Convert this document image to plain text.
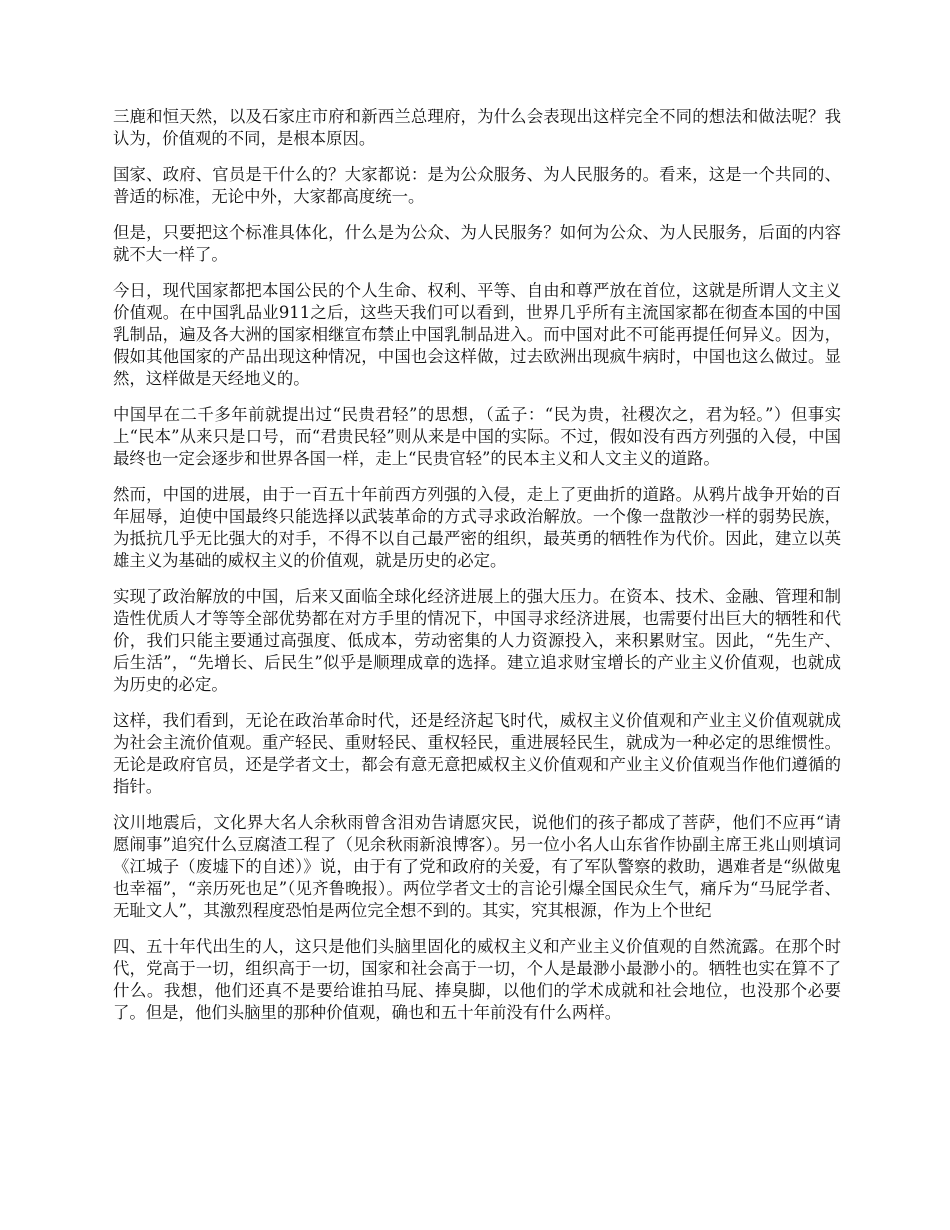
三鹿和恒天然，以及石家庄市府和新西兰总理府，为什么会表现出这样完全不同的想法和做法呢？我认为，价值观的不同，是根本原因。

国家、政府、官员是干什么的？大家都说：是为公众服务、为人民服务的。看来，这是一个共同的、普适的标准，无论中外，大家都高度统一。

但是，只要把这个标准具体化，什么是为公众、为人民服务？如何为公众、为人民服务，后面的内容就不大一样了。

今日，现代国家都把本国公民的个人生命、权利、平等、自由和尊严放在首位，这就是所谓人文主义价值观。在中国乳品业911之后，这些天我们可以看到，世界几乎所有主流国家都在彻查本国的中国乳制品，遍及各大洲的国家相继宣布禁止中国乳制品进入。而中国对此不可能再提任何异义。因为，假如其他国家的产品出现这种情况，中国也会这样做，过去欧洲出现疯牛病时，中国也这么做过。显然，这样做是天经地义的。

中国早在二千多年前就提出过“民贵君轻”的思想，（孟子：“民为贵，社稷次之，君为轻。”）但事实上“民本”从来只是口号，而“君贵民轻”则从来是中国的实际。不过，假如没有西方列强的入侵，中国最终也一定会逐步和世界各国一样，走上“民贵官轻”的民本主义和人文主义的道路。

然而，中国的进展，由于一百五十年前西方列强的入侵，走上了更曲折的道路。从鸦片战争开始的百年屈辱，迫使中国最终只能选择以武装革命的方式寻求政治解放。一个像一盘散沙一样的弱势民族，为抵抗几乎无比强大的对手，不得不以自己最严密的组织，最英勇的牺牲作为代价。因此，建立以英雄主义为基础的威权主义的价值观，就是历史的必定。

实现了政治解放的中国，后来又面临全球化经济进展上的强大压力。在资本、技术、金融、管理和制造性优质人才等等全部优势都在对方手里的情况下，中国寻求经济进展，也需要付出巨大的牺牲和代价，我们只能主要通过高强度、低成本，劳动密集的人力资源投入，来积累财宝。因此，“先生产、后生活”，“先增长、后民生”似乎是顺理成章的选择。建立追求财宝增长的产业主义价值观，也就成为历史的必定。

这样，我们看到，无论在政治革命时代，还是经济起飞时代，威权主义价值观和产业主义价值观就成为社会主流价值观。重产轻民、重财轻民、重权轻民，重进展轻民生，就成为一种必定的思维惯性。无论是政府官员，还是学者文士，都会有意无意把威权主义价值观和产业主义价值观当作他们遵循的指针。

汶川地震后，文化界大名人余秋雨曾含泪劝告请愿灾民，说他们的孩子都成了菩萨，他们不应再“请愿闹事”追究什么豆腐渣工程了（见余秋雨新浪博客）。另一位小名人山东省作协副主席王兆山则填词《江城子（废墟下的自述）》说，由于有了党和政府的关爱，有了军队警察的救助，遇难者是“纵做鬼也幸福”，“亲历死也足”（见齐鲁晚报）。两位学者文士的言论引爆全国民众生气，痛斥为“马屁学者、无耻文人”，其激烈程度恐怕是两位完全想不到的。其实，究其根源，作为上个世纪

四、五十年代出生的人，这只是他们头脑里固化的威权主义和产业主义价值观的自然流露。在那个时代，党高于一切，组织高于一切，国家和社会高于一切，个人是最渺小最渺小的。牺牲也实在算不了什么。我想，他们还真不是要给谁拍马屁、捧臭脚，以他们的学术成就和社会地位，也没那个必要了。但是，他们头脑里的那种价值观，确也和五十年前没有什么两样。
